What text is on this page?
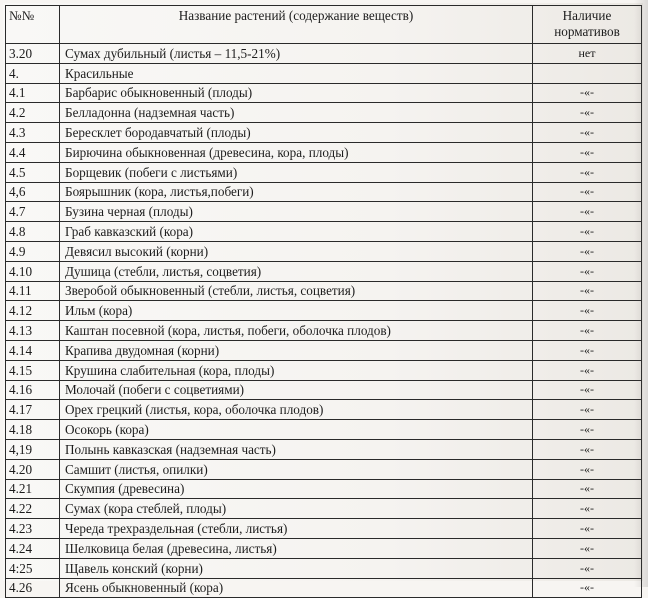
№№	Название растений (содержание веществ)	Наличие
нормативов
3.20	Сумах дубильный (листья – 11,5-21%)	нет
4.	Красильные	
4.1	Барбарис обыкновенный (плоды)	-«-
4.2	Белладонна (надземная часть)	-«-
4.3	Бересклет бородавчатый (плоды)	-«-
4.4	Бирючина обыкновенная (древесина, кора, плоды)	-«-
4.5	Борщевик (побеги с листьями)	-«-
4,6	Боярышник (кора, листья,побеги)	-«-
4.7	Бузина черная (плоды)	-«-
4.8	Граб кавказский (кора)	-«-
4.9	Девясил высокий (корни)	-«-
4.10	Душица (стебли, листья, соцветия)	-«-
4.11	Зверобой обыкновенный (стебли, листья, соцветия)	-«-
4.12	Ильм (кора)	-«-
4.13	Каштан посевной (кора, листья, побеги, оболочка плодов)	-«-
4.14	Крапива двудомная (корни)	-«-
4.15	Крушина слабительная (кора, плоды)	-«-
4.16	Молочай (побеги с соцветиями)	-«-
4.17	Орех грецкий (листья, кора, оболочка плодов)	-«-
4.18	Осокорь (кора)	-«-
4,19	Полынь кавказская (надземная часть)	-«-
4.20	Самшит (листья, опилки)	-«-
4.21	Скумпия (древесина)	-«-
4.22	Сумах (кора стеблей, плоды)	-«-
4.23	Череда трехраздельная (стебли, листья)	-«-
4.24	Шелковица белая (древесина, листья)	-«-
4:25	Щавель конский (корни)	-«-
4.26	Ясень обыкновенный (кора)	-«-
